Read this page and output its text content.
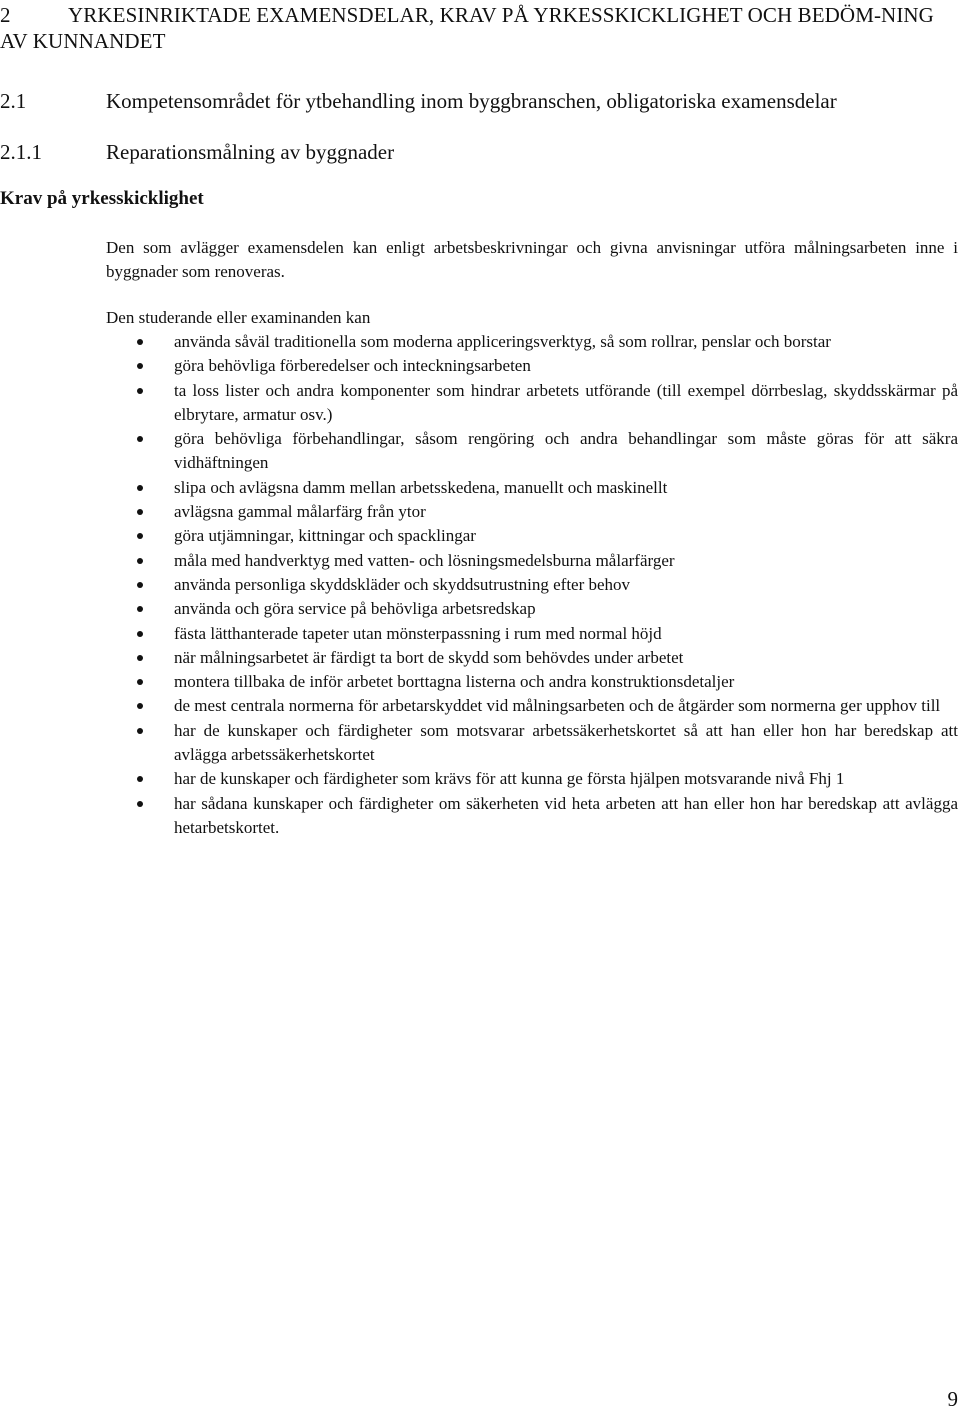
2	YRKESINRIKTADE EXAMENSDELAR, KRAV PÅ YRKESSKICKLIGHET OCH BEDÖM-NING AV KUNNANDET
2.1	Kompetensområdet för ytbehandling inom byggbranschen, obligatoriska examensdelar
2.1.1	Reparationsmålning av byggnader
Krav på yrkesskicklighet
Den som avlägger examensdelen kan enligt arbetsbeskrivningar och givna anvisningar utföra målningsarbeten inne i byggnader som renoveras.
Den studerande eller examinanden kan
använda såväl traditionella som moderna appliceringsverktyg, så som rollrar, penslar och borstar
göra behövliga förberedelser och inteckningsarbeten
ta loss lister och andra komponenter som hindrar arbetets utförande (till exempel dörrbeslag, skyddsskärmar på elbrytare, armatur osv.)
göra behövliga förbehandlingar, såsom rengöring och andra behandlingar som måste göras för att säkra vidhäftningen
slipa och avlägsna damm mellan arbetsskedena, manuellt och maskinellt
avlägsna gammal målarfärg från ytor
göra utjämningar, kittningar och spacklingar
måla med handverktyg med vatten- och lösningsmedelsburna målarfärger
använda personliga skyddskläder och skyddsutrustning efter behov
använda och göra service på behövliga arbetsredskap
fästa lätthanterade tapeter utan mönsterpassning i rum med normal höjd
när målningsarbetet är färdigt ta bort de skydd som behövdes under arbetet
montera tillbaka de inför arbetet borttagna listerna och andra konstruktionsdetaljer
de mest centrala normerna för arbetarskyddet vid målningsarbeten och de åtgärder som normerna ger upphov till
har de kunskaper och färdigheter som motsvarar arbetssäkerhetskortet så att han eller hon har beredskap att avlägga arbetssäkerhetskortet
har de kunskaper och färdigheter som krävs för att kunna ge första hjälpen motsvarande nivå Fhj 1
har sådana kunskaper och färdigheter om säkerheten vid heta arbeten att han eller hon har beredskap att avlägga hetarbetskortet.
9
